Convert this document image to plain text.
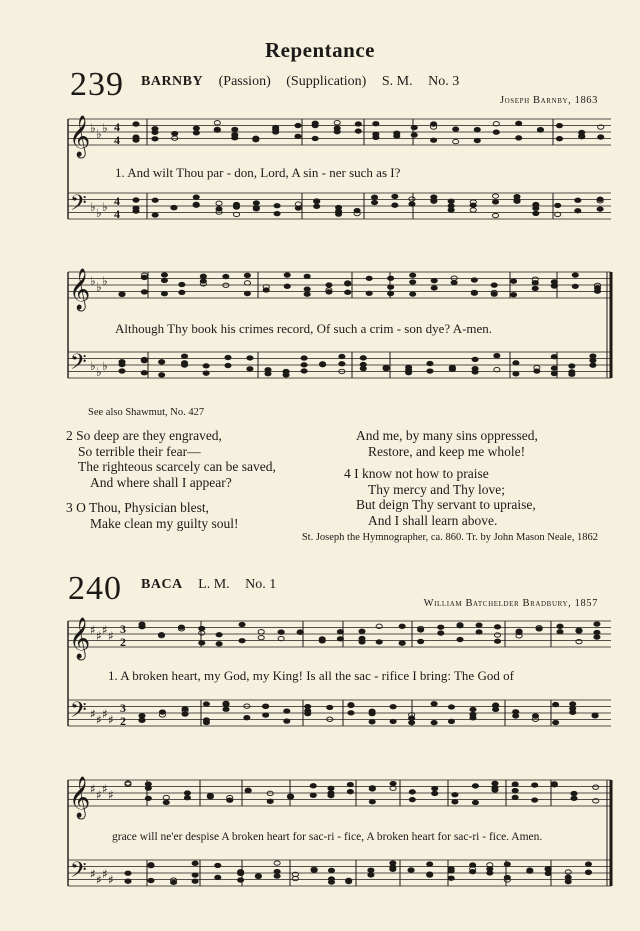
Repentance
239 BARNBY (Passion) (Supplication) S. M. No. 3
Joseph Barnby, 1863
1. And wilt Thou par - don, Lord, A sin - ner such as I?
Although Thy book his crimes record, Of such a crim - son dye? A-men.
See also Shawmut, No. 427
2 So deep are they engraved,
So terrible their fear—
The righteous scarcely can be saved,
And where shall I appear?
3 O Thou, Physician blest,
Make clean my guilty soul!
And me, by many sins oppressed,
Restore, and keep me whole!
4 I know not how to praise
Thy mercy and Thy love;
But deign Thy servant to upraise,
And I shall learn above.
St. Joseph the Hymnographer, ca. 860. Tr. by John Mason Neale, 1862
240 BACA L. M. No. 1
William Batchelder Bradbury, 1857
1. A broken heart, my God, my King! Is all the sac - rifice I bring: The God of
grace will ne'er despise A broken heart for sac-ri - fice, A broken heart for sac-ri - fice. Amen.
𝄞
𝄢
♭ ♭ ♭
♭ ♭ ♭
4
4
4
4
𝄞
𝄢
♭ ♭ ♭
♭ ♭ ♭
𝄞
𝄢
♯ ♯ ♯ ♯
♯ ♯ ♯ ♯
3
2
3
2
𝄞
𝄢
♯ ♯ ♯ ♯
♯ ♯ ♯ ♯
